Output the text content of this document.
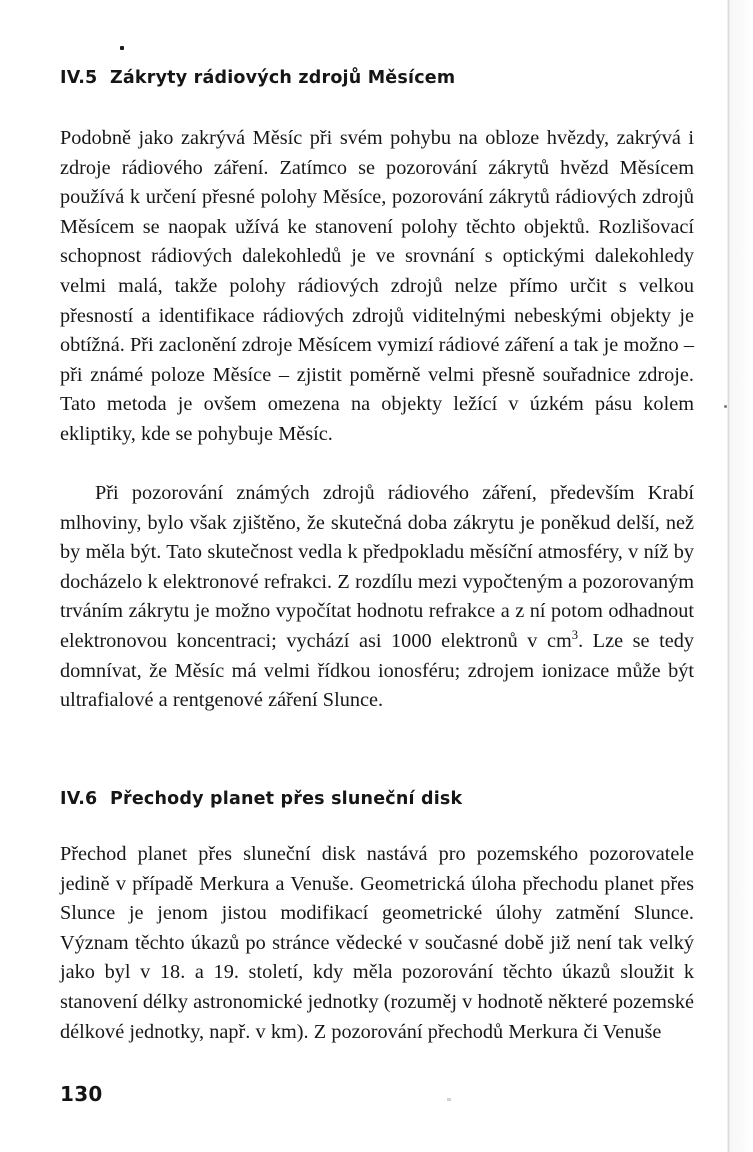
IV.5  Zákryty rádiových zdrojů Měsícem

Podobně jako zakrývá Měsíc při svém pohybu na obloze hvězdy, zakrývá i zdroje rádiového záření. Zatímco se pozorování zákrytů hvězd Měsícem používá k určení přesné polohy Měsíce, pozorování zákrytů rádiových zdrojů Měsícem se naopak užívá ke stanovení polohy těchto objektů. Rozlišovací schopnost rádiových dalekohledů je ve srovnání s optickými dalekohledy velmi malá, takže polohy rádiových zdrojů nelze přímo určit s velkou přesností a identifikace rádiových zdrojů viditelnými nebeskými objekty je obtížná. Při zaclonění zdroje Měsícem vymizí rádiové záření a tak je možno – při známé poloze Měsíce – zjistit poměrně velmi přesně souřadnice zdroje. Tato metoda je ovšem omezena na objekty ležící v úzkém pásu kolem ekliptiky, kde se pohybuje Měsíc.

Při pozorování známých zdrojů rádiového záření, především Krabí mlhoviny, bylo však zjištěno, že skutečná doba zákrytu je poněkud delší, než by měla být. Tato skutečnost vedla k předpokladu měsíční atmosféry, v níž by docházelo k elektronové refrakci. Z rozdílu mezi vypočteným a pozorovaným trváním zákrytu je možno vypočítat hodnotu refrakce a z ní potom odhadnout elektronovou koncentraci; vychází asi 1000 elektronů v $cm^3$. Lze se tedy domnívat, že Měsíc má velmi řídkou ionosféru; zdrojem ionizace může být ultrafialové a rentgenové záření Slunce.

IV.6  Přechody planet přes sluneční disk

Přechod planet přes sluneční disk nastává pro pozemského pozorovatele jedině v případě Merkura a Venuše. Geometrická úloha přechodu planet přes Slunce je jenom jistou modifikací geometrické úlohy zatmění Slunce. Význam těchto úkazů po stránce vědecké v současné době již není tak velký jako byl v 18. a 19. století, kdy měla pozorování těchto úkazů sloužit k stanovení délky astronomické jednotky (rozuměj v hodnotě některé pozemské délkové jednotky, např. v km). Z pozorování přechodů Merkura či Venuše

130
